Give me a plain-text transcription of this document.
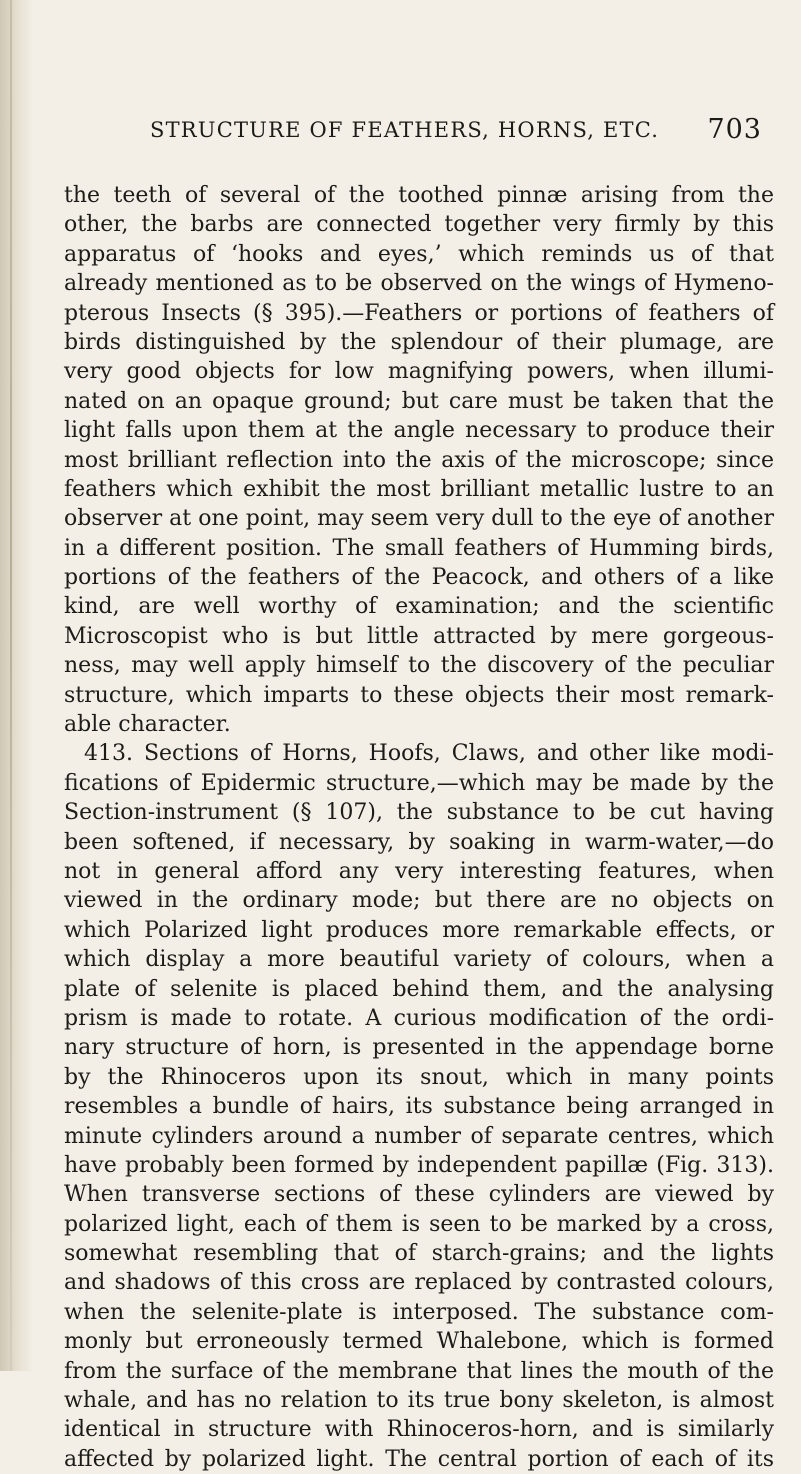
STRUCTURE OF FEATHERS, HORNS, ETC. 703
the teeth of several of the toothed pinnæ arising from the
other, the barbs are connected together very firmly by this
apparatus of ‘hooks and eyes,’ which reminds us of that
already mentioned as to be observed on the wings of Hymeno-
pterous Insects (§ 395).—Feathers or portions of feathers of
birds distinguished by the splendour of their plumage, are
very good objects for low magnifying powers, when illumi-
nated on an opaque ground; but care must be taken that the
light falls upon them at the angle necessary to produce their
most brilliant reflection into the axis of the microscope; since
feathers which exhibit the most brilliant metallic lustre to an
observer at one point, may seem very dull to the eye of another
in a different position. The small feathers of Humming birds,
portions of the feathers of the Peacock, and others of a like
kind, are well worthy of examination; and the scientific
Microscopist who is but little attracted by mere gorgeous-
ness, may well apply himself to the discovery of the peculiar
structure, which imparts to these objects their most remark-
able character.
413. Sections of Horns, Hoofs, Claws, and other like modi-
fications of Epidermic structure,—which may be made by the
Section-instrument (§ 107), the substance to be cut having
been softened, if necessary, by soaking in warm-water,—do
not in general afford any very interesting features, when
viewed in the ordinary mode; but there are no objects on
which Polarized light produces more remarkable effects, or
which display a more beautiful variety of colours, when a
plate of selenite is placed behind them, and the analysing
prism is made to rotate. A curious modification of the ordi-
nary structure of horn, is presented in the appendage borne
by the Rhinoceros upon its snout, which in many points
resembles a bundle of hairs, its substance being arranged in
minute cylinders around a number of separate centres, which
have probably been formed by independent papillæ (Fig. 313).
When transverse sections of these cylinders are viewed by
polarized light, each of them is seen to be marked by a cross,
somewhat resembling that of starch-grains; and the lights
and shadows of this cross are replaced by contrasted colours,
when the selenite-plate is interposed. The substance com-
monly but erroneously termed Whalebone, which is formed
from the surface of the membrane that lines the mouth of the
whale, and has no relation to its true bony skeleton, is almost
identical in structure with Rhinoceros-horn, and is similarly
affected by polarized light. The central portion of each of its
